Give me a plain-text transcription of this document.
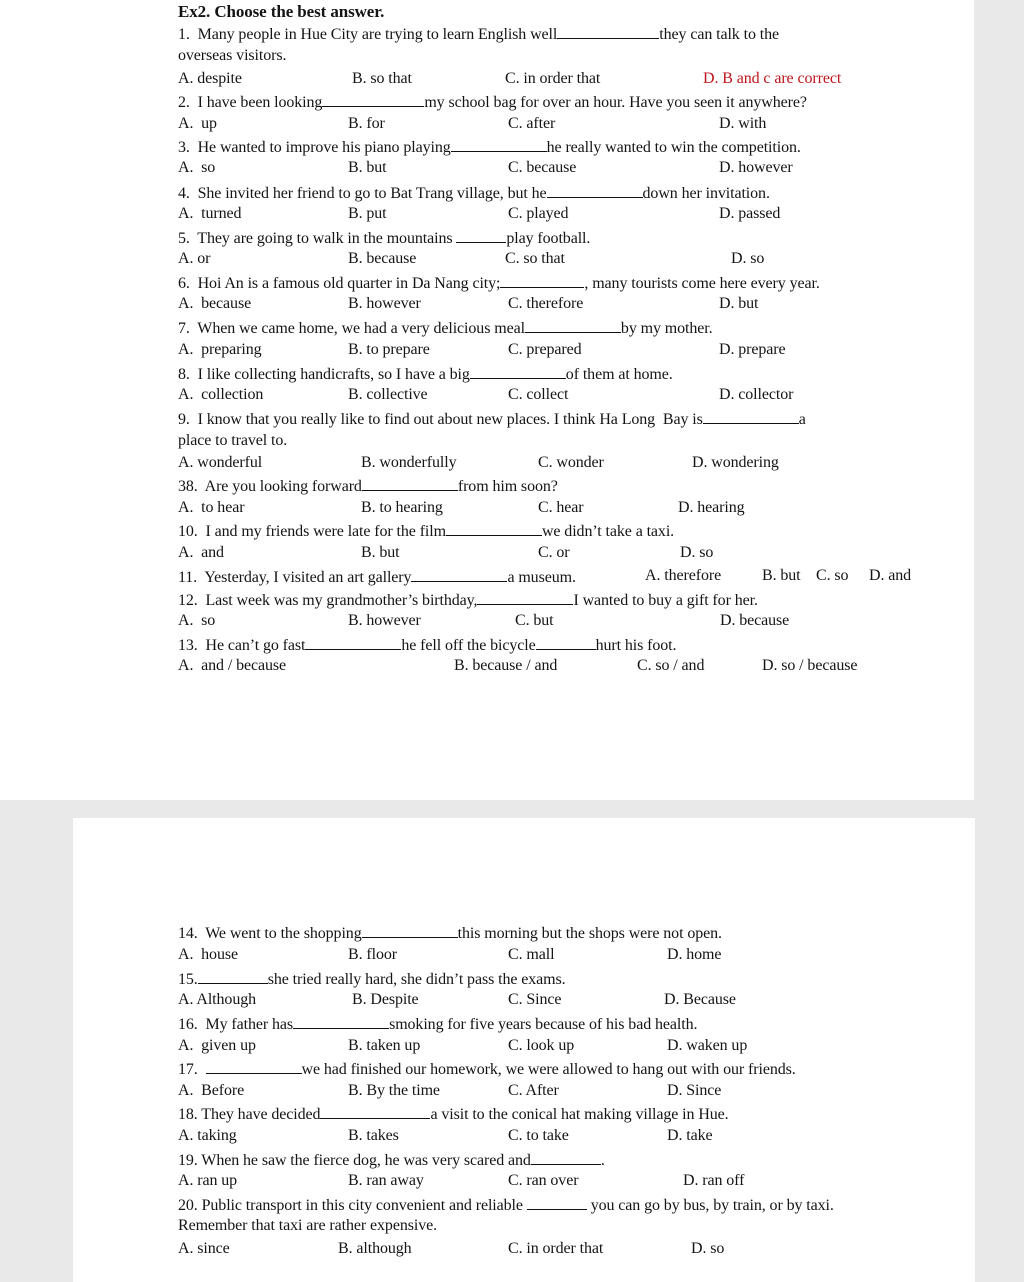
Ex2. Choose the best answer.
1.  Many people in Hue City are trying to learn English well	they can talk to the
overseas visitors.
A. despite	B. so that	C. in order that	D. B and c are correct
2.  I have been looking	my school bag for over an hour. Have you seen it anywhere?
A.  up	B. for	C. after	D. with
3.  He wanted to improve his piano playing	he really wanted to win the competition.
A.  so	B. but	C. because	D. however
4.  She invited her friend to go to Bat Trang village, but he	down her invitation.
A.  turned	B. put	C. played	D. passed
5.  They are going to walk in the mountains	play football.
A. or	B. because	C. so that	D. so
6.  Hoi An is a famous old quarter in Da Nang city;	, many tourists come here every year.
A.  because	B. however	C. therefore	D. but
7.  When we came home, we had a very delicious meal	by my mother.
A.  preparing	B. to prepare	C. prepared	D. prepare
8.  I like collecting handicrafts, so I have a big	of them at home.
A.  collection	B. collective	C. collect	D. collector
9.  I know that you really like to find out about new places. I think Ha Long  Bay is	a
place to travel to.
A. wonderful	B. wonderfully	C. wonder	D. wondering
38.  Are you looking forward	from him soon?
A.  to hear	B. to hearing	C. hear	D. hearing
10.  I and my friends were late for the film	we didn’t take a taxi.
A.  and	B. but	C. or	D. so
11.  Yesterday, I visited an art gallery	a museum.	A. therefore	B. but C. so D. and
12.  Last week was my grandmother’s birthday,	I wanted to buy a gift for her.
A.  so	B. however	C. but	D. because
13.  He can’t go fast	he fell off the bicycle	hurt his foot.
A.  and / because	B. because / and	C. so / and	D. so / because
14.  We went to the shopping	this morning but the shops were not open.
A.  house	B. floor	C. mall	D. home
15.	she tried really hard, she didn’t pass the exams.
A. Although	B. Despite	C. Since	D. Because
16.  My father has	smoking for five years because of his bad health.
A.  given up	B. taken up	C. look up	D. waken up
17.	we had finished our homework, we were allowed to hang out with our friends.
A.  Before	B. By the time	C. After	D. Since
18. They have decided	a visit to the conical hat making village in Hue.
A. taking	B. takes	C. to take	D. take
19. When he saw the fierce dog, he was very scared and	.
A. ran up	B. ran away	C. ran over	D. ran off
20. Public transport in this city convenient and reliable	you can go by bus, by train, or by taxi.
Remember that taxi are rather expensive.
A. since	B. although	C. in order that	D. so
